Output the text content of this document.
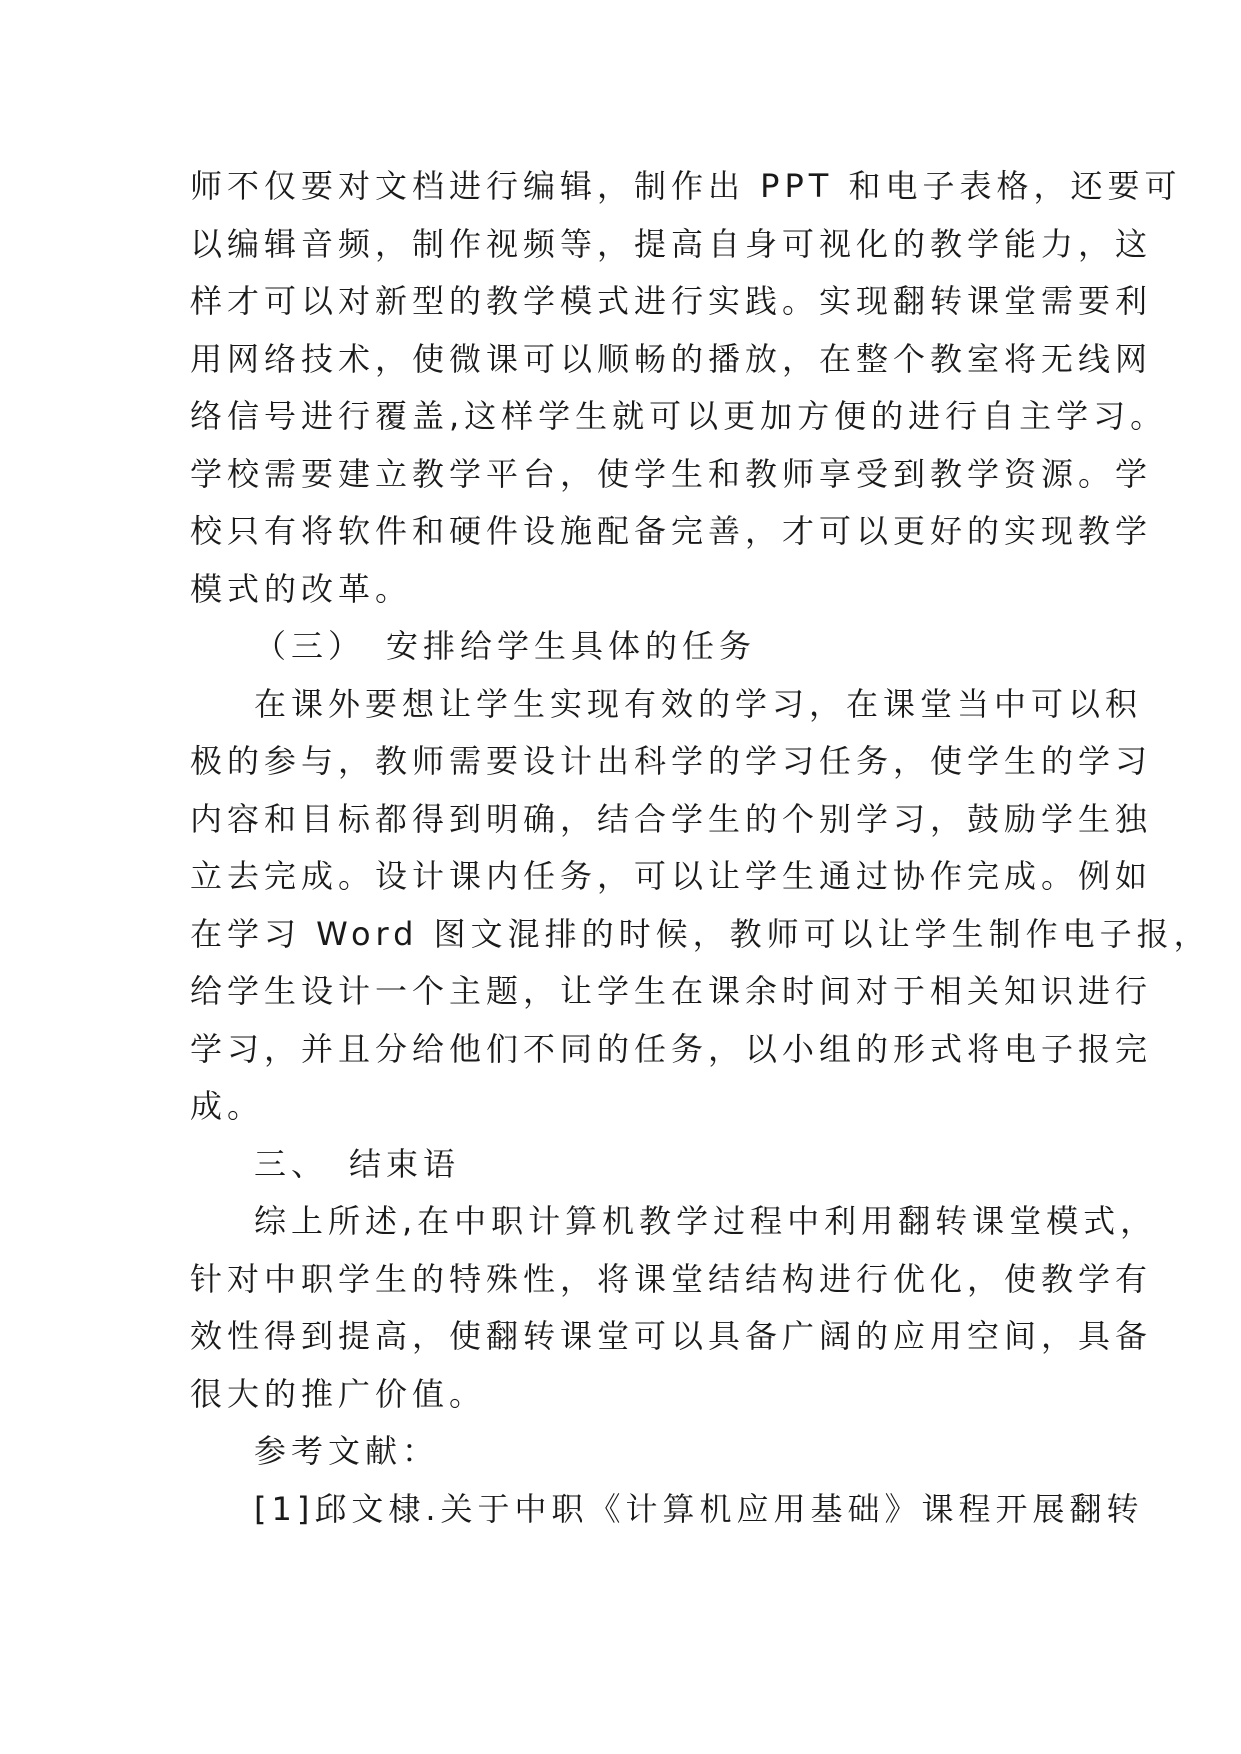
师不仅要对文档进行编辑，制作出 PPT 和电子表格，还要可
以编辑音频，制作视频等，提高自身可视化的教学能力，这
样才可以对新型的教学模式进行实践。实现翻转课堂需要利
用网络技术，使微课可以顺畅的播放，在整个教室将无线网
络信号进行覆盖,这样学生就可以更加方便的进行自主学习。
学校需要建立教学平台，使学生和教师享受到教学资源。学
校只有将软件和硬件设施配备完善，才可以更好的实现教学
模式的改革。
（三）　安排给学生具体的任务
在课外要想让学生实现有效的学习，在课堂当中可以积
极的参与，教师需要设计出科学的学习任务，使学生的学习
内容和目标都得到明确，结合学生的个别学习，鼓励学生独
立去完成。设计课内任务，可以让学生通过协作完成。例如
在学习 Word 图文混排的时候，教师可以让学生制作电子报，
给学生设计一个主题，让学生在课余时间对于相关知识进行
学习，并且分给他们不同的任务，以小组的形式将电子报完
成。
三、　结束语
综上所述,在中职计算机教学过程中利用翻转课堂模式，
针对中职学生的特殊性，将课堂结结构进行优化，使教学有
效性得到提高，使翻转课堂可以具备广阔的应用空间，具备
很大的推广价值。
参考文献：
[1]邱文棣.关于中职《计算机应用基础》课程开展翻转
